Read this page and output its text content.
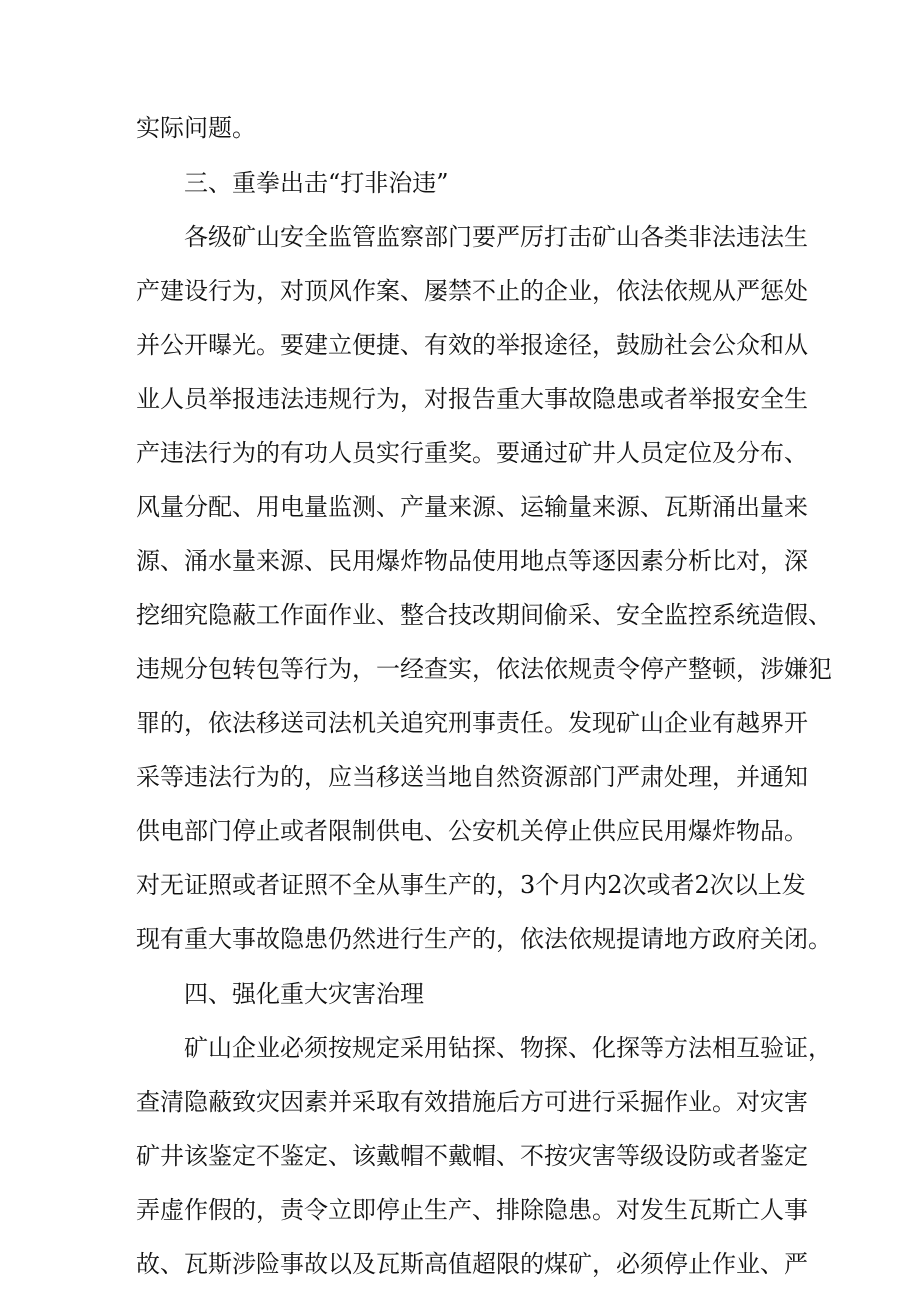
实际问题。
三、重拳出击“打非治违”
各级矿山安全监管监察部门要严厉打击矿山各类非法违法生
产建设行为，对顶风作案、屡禁不止的企业，依法依规从严惩处
并公开曝光。要建立便捷、有效的举报途径，鼓励社会公众和从
业人员举报违法违规行为，对报告重大事故隐患或者举报安全生
产违法行为的有功人员实行重奖。要通过矿井人员定位及分布、
风量分配、用电量监测、产量来源、运输量来源、瓦斯涌出量来
源、涌水量来源、民用爆炸物品使用地点等逐因素分析比对，深
挖细究隐蔽工作面作业、整合技改期间偷采、安全监控系统造假、
违规分包转包等行为，一经查实，依法依规责令停产整顿，涉嫌犯
罪的，依法移送司法机关追究刑事责任。发现矿山企业有越界开
采等违法行为的，应当移送当地自然资源部门严肃处理，并通知
供电部门停止或者限制供电、公安机关停止供应民用爆炸物品。
对无证照或者证照不全从事生产的，3个月内2次或者2次以上发
现有重大事故隐患仍然进行生产的，依法依规提请地方政府关闭。
四、强化重大灾害治理
矿山企业必须按规定采用钻探、物探、化探等方法相互验证，
查清隐蔽致灾因素并采取有效措施后方可进行采掘作业。对灾害
矿井该鉴定不鉴定、该戴帽不戴帽、不按灾害等级设防或者鉴定
弄虚作假的，责令立即停止生产、排除隐患。对发生瓦斯亡人事
故、瓦斯涉险事故以及瓦斯高值超限的煤矿，必须停止作业、严
